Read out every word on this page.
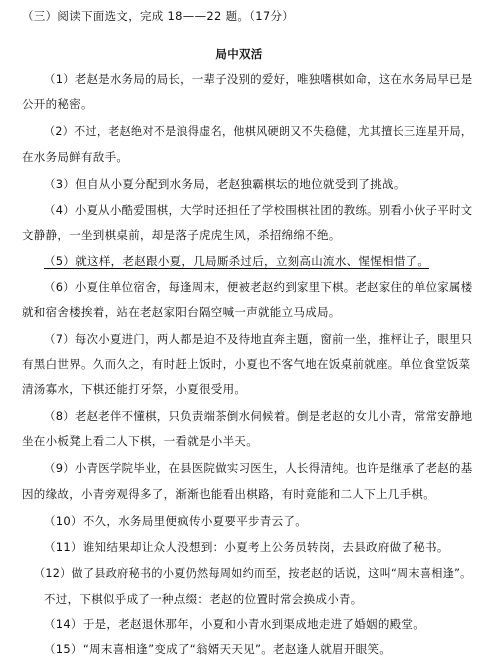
（三）阅读下面选文，完成 18——22 题。（17分）
局中双活
（1）老赵是水务局的局长，一辈子没别的爱好，唯独嗜棋如命，这在水务局早已是
公开的秘密。
（2）不过，老赵绝对不是浪得虚名，他棋风硬朗又不失稳健，尤其擅长三连星开局，
在水务局鲜有敌手。
（3）但自从小夏分配到水务局，老赵独霸棋坛的地位就受到了挑战。
（4）小夏从小酷爱围棋，大学时还担任了学校围棋社团的教练。别看小伙子平时文
文静静，一坐到棋桌前，却是落子虎虎生风，杀招绵绵不绝。
（5）就这样，老赵跟小夏，几局厮杀过后，立刻高山流水、惺惺相惜了。
（6）小夏住单位宿舍，每逢周末，便被老赵约到家里下棋。老赵家住的单位家属楼
就和宿舍楼挨着，站在老赵家阳台隔空喊一声就能立马成局。
（7）每次小夏进门，两人都是迫不及待地直奔主题，窗前一坐，推枰让子，眼里只
有黑白世界。久而久之，有时赶上饭时，小夏也不客气地在饭桌前就座。单位食堂饭菜
清汤寡水，下棋还能打牙祭，小夏很受用。
（8）老赵老伴不懂棋，只负责端茶倒水伺候着。倒是老赵的女儿小青，常常安静地
坐在小板凳上看二人下棋，一看就是小半天。
（9）小青医学院毕业，在县医院做实习医生，人长得清纯。也许是继承了老赵的基
因的缘故，小青旁观得多了，渐渐也能看出棋路，有时竟能和二人下上几手棋。
（10）不久，水务局里便疯传小夏要平步青云了。
（11）谁知结果却让众人没想到：小夏考上公务员转岗，去县政府做了秘书。
（12）做了县政府秘书的小夏仍然每周如约而至，按老赵的话说，这叫“周末喜相逢”。
不过，下棋似乎成了一种点缀：老赵的位置时常会换成小青。
（14）于是，老赵退休那年，小夏和小青水到渠成地走进了婚姻的殿堂。
（15）“周末喜相逢”变成了“翁婿天天见”。老赵逢人就眉开眼笑。
